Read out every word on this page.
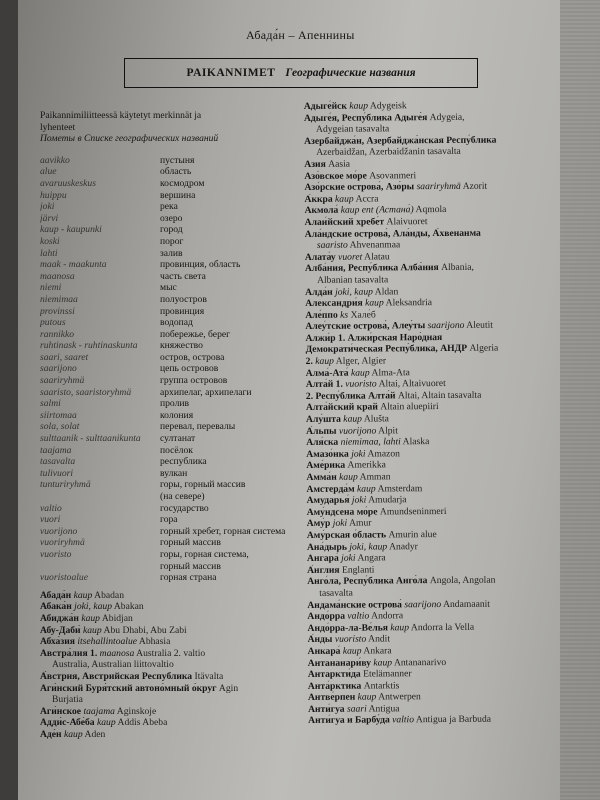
Абада́н – Апеннины
PAIKANNIMET Географические названия
Paikannimiliitteessä käytetyt merkinnät ja
lyhenteet
Пометы в Списке географических названий
aavikko	пустыня
alue	область
avaruuskeskus	космодром
huippu	вершина
joki	река
järvi	озеро
kaup - kaupunki	город
koski	порог
lahti	залив
maak - maakunta	провинция, область
maanosa	часть света
niemi	мыс
niemimaa	полуостров
provinssi	провинция
putous	водопад
rannikko	побережье, берег
ruhtinask - ruhtinaskunta	княжество
saari, saaret	остров, острова
saarijono	цепь островов
saariryhmä	группа островов
saaristo, saaristoryhmä	архипелаг, архипелаги
salmi	пролив
siirtomaa	колония
sola, solat	перевал, перевалы
sulttaanik - sulttaanikunta	султанат
taajama	посёлок
tasavalta	республика
tulivuori	вулкан
tunturiryhmä	горы, горный массив
(на севере)
valtio	государство
vuori	гора
vuorijono	горный хребет, горная система
vuoriryhmä	горный массив
vuoristo	горы, горная система,
горный массив
vuoristoalue	горная страна
Абада́н kaup Abadan
Абака́н joki, kaup Abakan
Абиджа́н kaup Abidjan
Абу-Даби́ kaup Abu Dhabi, Abu Zabi
Абха́зия itsehallintoalue Abhasia
Австра́лия 1. maanosa Australia 2. valtio
Australia, Australian liittovaltio
А́встрия, Австрийская Республика Itävalta
Аги́нский Буря́тский автоно́мный о́круг Agin
Burjatia
Аги́нское taajama Aginskoje
Адди́с-Абе́ба kaup Addis Abeba
Аде́н kaup Aden
Адыге́йск kaup Adygeisk
Адыге́я, Респу́блика Адыге́я Adygeia,
Adygeian tasavalta
Азербайджа́н, Азербайджа́нская Респу́блика
Azerbaidžan, Azerbaidžanin tasavalta
Азия Aasia
Азо́вское мо́ре Asovanmeri
Азо́рские острова́, Азо́ры saariryhmä Azorit
А́ккра kaup Accra
Акмола́ kaup ent (Астана́) Aqmola
Алаи́йский хребе́т Alaivuoret
Ала́ндские острова́, Ала́нды, А́хвенанма
saaristo Ahvenanmaa
Алата́у vuoret Alatau
Алба́ния, Респу́блика Алба́ния Albania,
Albanian tasavalta
Алда́н joki, kaup Aldan
Александри́я kaup Aleksandria
Але́ппо ks Хале́б
Алеу́тские острова́, Алеу́ты saarijono Aleutit
Алжи́р 1. Алжи́рская Наро́дная
Демократи́ческая Респу́блика, АНДР Algeria
2. kaup Alger, Algier
Алма́-Ата́ kaup Alma-Ata
Алта́й 1. vuoristo Altai, Altaivuoret
2. Респу́блика Алта́й Altai, Altain tasavalta
Алта́йский край Altain aluepiiri
Алу́шта kaup Alušta
А́льпы vuorijono Alpit
Аля́ска niemimaa, lahti Alaska
Амазо́нка joki Amazon
Аме́рика Amerikka
Амма́н kaup Amman
Амстерда́м kaup Amsterdam
Амударья́ joki Amudarja
Аму́ндсена мо́ре Amundseninmeri
Аму́р joki Amur
Аму́рская о́бласть Amurin alue
Ана́дырь joki, kaup Anadyr
Ангара́ joki Angara
А́нглия Englanti
Анго́ла, Респу́блика Анго́ла Angola, Angolan
tasavalta
Андама́нские острова́ saarijono Andamaanit
Андо́рра valtio Andorra
Андо́рра-ла-Ве́лья kaup Andorra la Vella
А́нды vuoristo Andit
Анкара́ kaup Ankara
Антананари́ву kaup Antananarivo
Антаркти́да Etelämanner
Анта́рктика Antarktis
Антве́рпен kaup Antwerpen
Анти́гуа saari Antigua
Анти́гуа и Барбу́да valtio Antigua ja Barbuda
